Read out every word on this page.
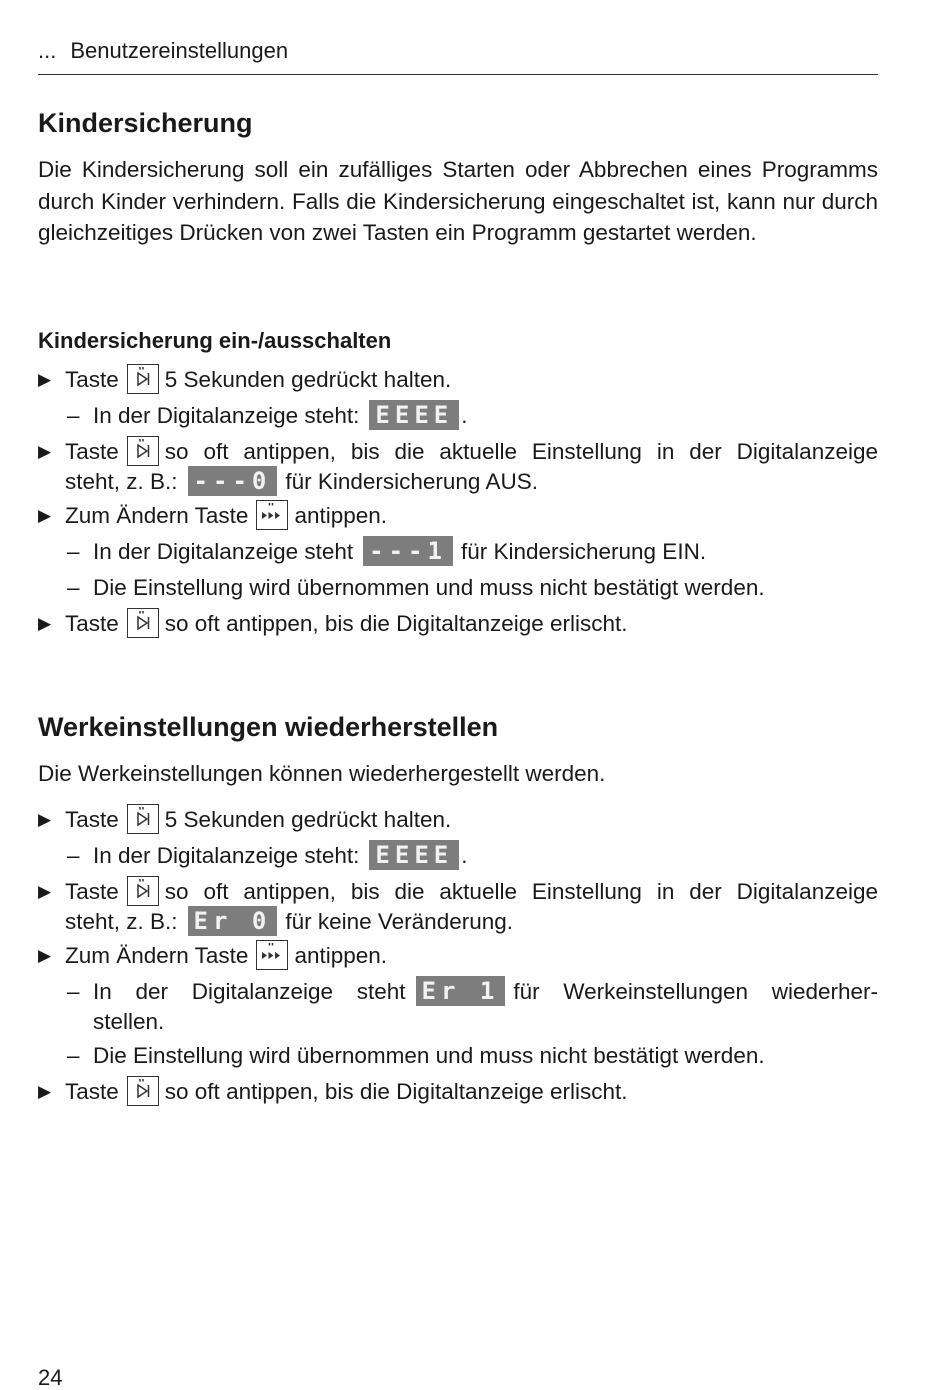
... Benutzereinstellungen
Kindersicherung

Die Kindersicherung soll ein zufälliges Starten oder Abbrechen eines Programms durch Kinder verhindern. Falls die Kindersicherung eingeschaltet ist, kann nur durch gleichzeitiges Drücken von zwei Tasten ein Programm gestartet werden.

Kindersicherung ein-/ausschalten
▶ Taste 5 Sekunden gedrückt halten.
– In der Digitalanzeige steht: EEEE .
▶ Taste so oft antippen, bis die aktuelle Einstellung in der Digitalanzeige
steht, z. B.: ---0 für Kindersicherung AUS.
▶ Zum Ändern Taste antippen.
– In der Digitalanzeige steht ---1 für Kindersicherung EIN.
– Die Einstellung wird übernommen und muss nicht bestätigt werden.
▶ Taste so oft antippen, bis die Digitaltanzeige erlischt.
Werkeinstellungen wiederherstellen

Die Werkeinstellungen können wiederhergestellt werden.

▶ Taste 5 Sekunden gedrückt halten.
– In der Digitalanzeige steht: EEEE .
▶ Taste so oft antippen, bis die aktuelle Einstellung in der Digitalanzeige
steht, z. B.: Er 0 für keine Veränderung.
▶ Zum Ändern Taste antippen.
– In der Digitalanzeige steht Er 1 für Werkeinstellungen wiederher-
stellen.
– Die Einstellung wird übernommen und muss nicht bestätigt werden.
▶ Taste so oft antippen, bis die Digitaltanzeige erlischt.
24
